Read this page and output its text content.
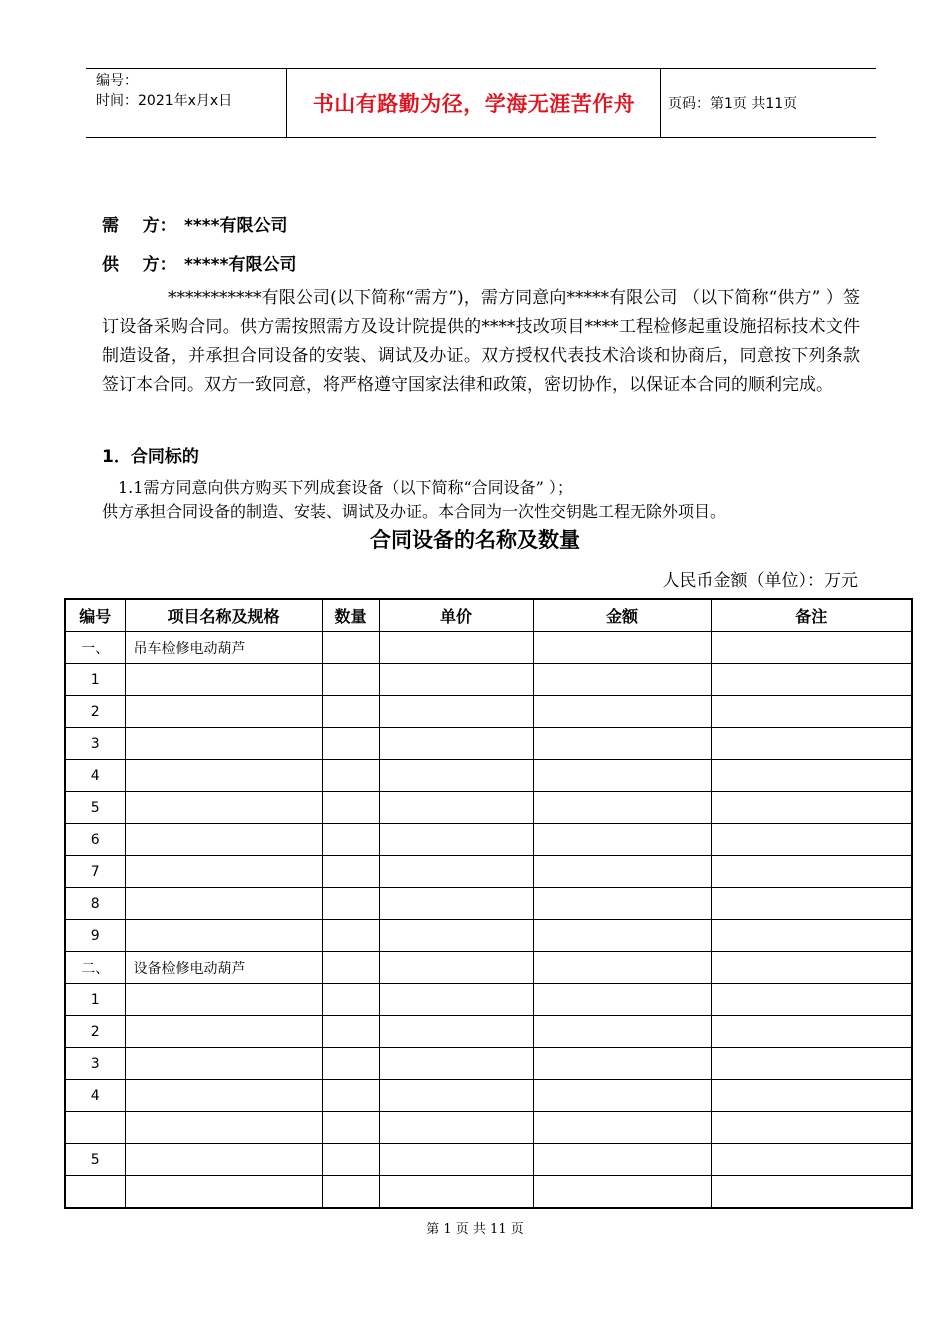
编号：
时间：2021年x月x日	书山有路勤为径，学海无涯苦作舟	页码：第1页 共11页
需    方： ****有限公司
供    方： *****有限公司
***********有限公司(以下简称“需方”)，需方同意向*****有限公司 （以下简称“供方” ）签订设备采购合同。供方需按照需方及设计院提供的****技改项目****工程检修起重设施招标技术文件制造设备，并承担合同设备的安装、调试及办证。双方授权代表技术洽谈和协商后，同意按下列条款签订本合同。双方一致同意，将严格遵守国家法律和政策，密切协作，以保证本合同的顺利完成。
1．合同标的
1.1需方同意向供方购买下列成套设备（以下简称“合同设备” ）；
供方承担合同设备的制造、安装、调试及办证。本合同为一次性交钥匙工程无除外项目。
合同设备的名称及数量
人民币金额（单位）：万元
编号	项目名称及规格	数量	单价	金额	备注
一、	吊车检修电动葫芦				
1					
2					
3					
4					
5					
6					
7					
8					
9					
二、	设备检修电动葫芦				
1					
2					
3					
4					

5					

第 1 页 共 11 页
